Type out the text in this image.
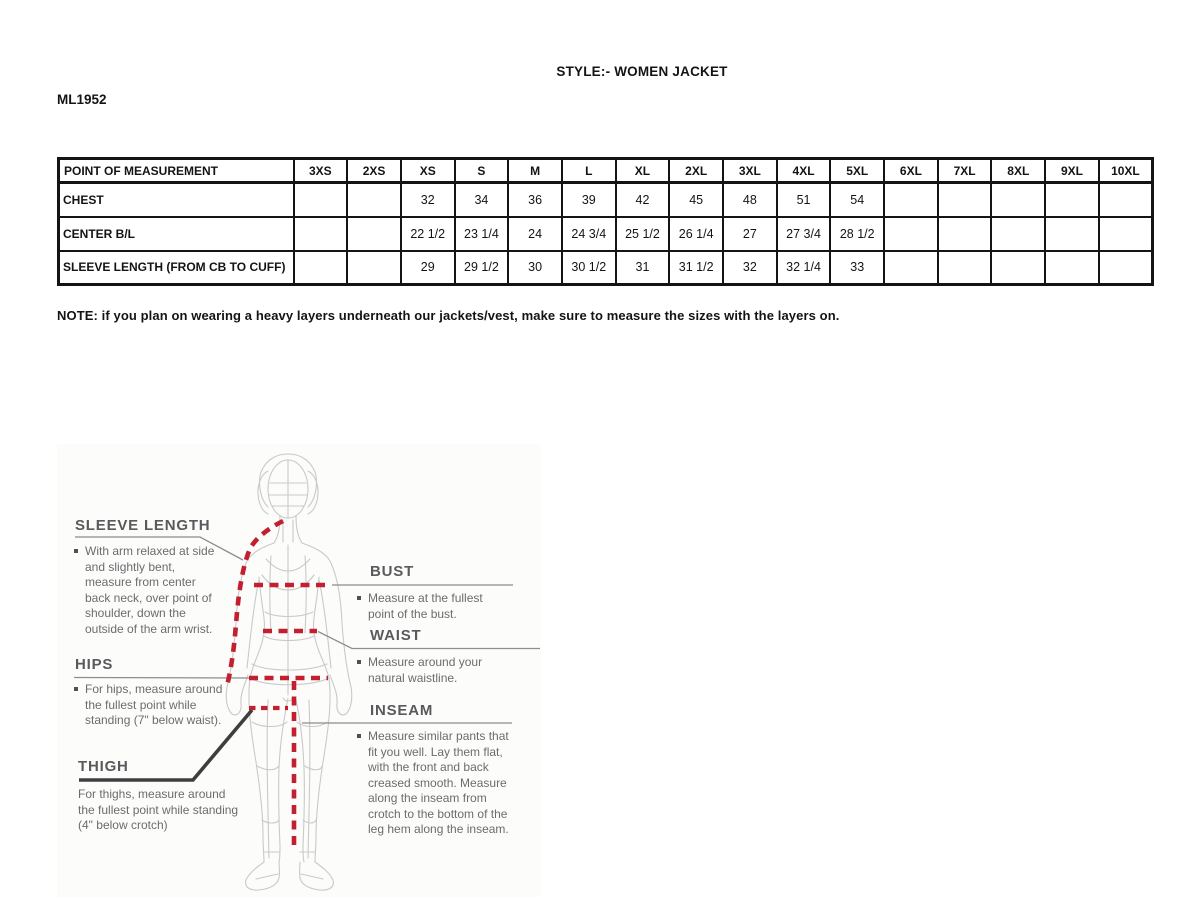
STYLE:- WOMEN JACKET
ML1952
POINT OF MEASUREMENT	3XS	2XS	XS	S	M	L	XL	2XL	3XL	4XL	5XL	6XL	7XL	8XL	9XL	10XL
CHEST			32	34	36	39	42	45	48	51	54					
CENTER B/L			22 1/2	23 1/4	24	24 3/4	25 1/2	26 1/4	27	27 3/4	28 1/2					
SLEEVE LENGTH (FROM CB TO CUFF)			29	29 1/2	30	30 1/2	31	31 1/2	32	32 1/4	33					
NOTE: if you plan on wearing a heavy layers underneath our jackets/vest, make sure to measure the sizes with the layers on.
SLEEVE LENGTH

With arm relaxed at side and slightly bent, measure from center back neck, over point of shoulder, down the outside of the arm wrist.

HIPS

For hips, measure around the fullest point while standing (7" below waist).

THIGH

For thighs, measure around the fullest point while standing (4" below crotch)

BUST

Measure at the fullest point of the bust.

WAIST

Measure around your natural waistline.

INSEAM

Measure similar pants that fit you well. Lay them flat, with the front and back creased smooth. Measure along the inseam from crotch to the bottom of the leg hem along the inseam.
